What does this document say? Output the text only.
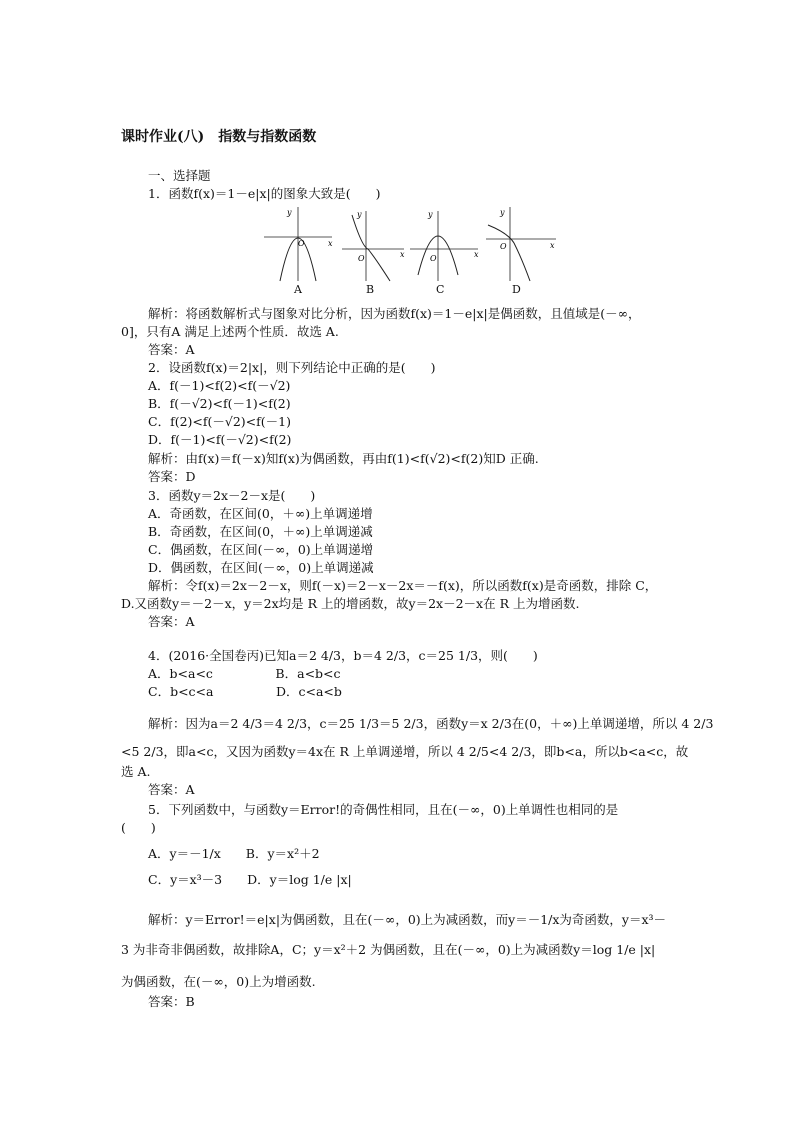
课时作业(八)　指数与指数函数
一、选择题
1．函数f(x)＝1－e|x|的图象大致是(　　)
y
x
O
y
x
O
y
x
O
y
x
O
A	B	C	D
解析：将函数解析式与图象对比分析，因为函数f(x)＝1－e|x|是偶函数，且值域是(－∞，
0]，只有A 满足上述两个性质．故选 A.
答案：A
2．设函数f(x)＝2|x|，则下列结论中正确的是(　　)
A．f(－1)<f(2)<f(－√2)
B．f(－√2)<f(－1)<f(2)
C．f(2)<f(－√2)<f(－1)
D．f(－1)<f(－√2)<f(2)
解析：由f(x)＝f(－x)知f(x)为偶函数，再由f(1)<f(√2)<f(2)知D 正确.
答案：D
3．函数y＝2x－2－x是(　　)
A．奇函数，在区间(0，＋∞)上单调递增
B．奇函数，在区间(0，＋∞)上单调递减
C．偶函数，在区间(－∞，0)上单调递增
D．偶函数，在区间(－∞，0)上单调递减
解析：令f(x)＝2x－2－x，则f(－x)＝2－x－2x＝－f(x)，所以函数f(x)是奇函数，排除 C，
D.又函数y＝－2－x，y＝2x均是 R 上的增函数，故y＝2x－2－x在 R 上为增函数.
答案：A
4．(2016·全国卷丙)已知a＝2 4/3，b＝4 2/3，c＝25 1/3，则(　　)
A．b<a<c　　　　　B．a<b<c
C．b<c<a　　　　　D．c<a<b
解析：因为a＝2 4/3＝4 2/3，c＝25 1/3＝5 2/3，函数y＝x 2/3在(0，＋∞)上单调递增，所以 4 2/3
<5 2/3，即a<c，又因为函数y＝4x在 R 上单调递增，所以 4 2/5<4 2/3，即b<a，所以b<a<c，故
选 A.
答案：A
5．下列函数中，与函数y＝Error!的奇偶性相同，且在(－∞，0)上单调性也相同的是
(　　)
A．y＝－1/x　　B．y＝x²＋2
C．y＝x³－3　　D．y＝log 1/e |x|
解析：y＝Error!＝e|x|为偶函数，且在(－∞，0)上为减函数，而y＝－1/x为奇函数，y＝x³－
3 为非奇非偶函数，故排除A，C；y＝x²＋2 为偶函数，且在(－∞，0)上为减函数y＝log 1/e |x|
为偶函数，在(－∞，0)上为增函数.
答案：B
